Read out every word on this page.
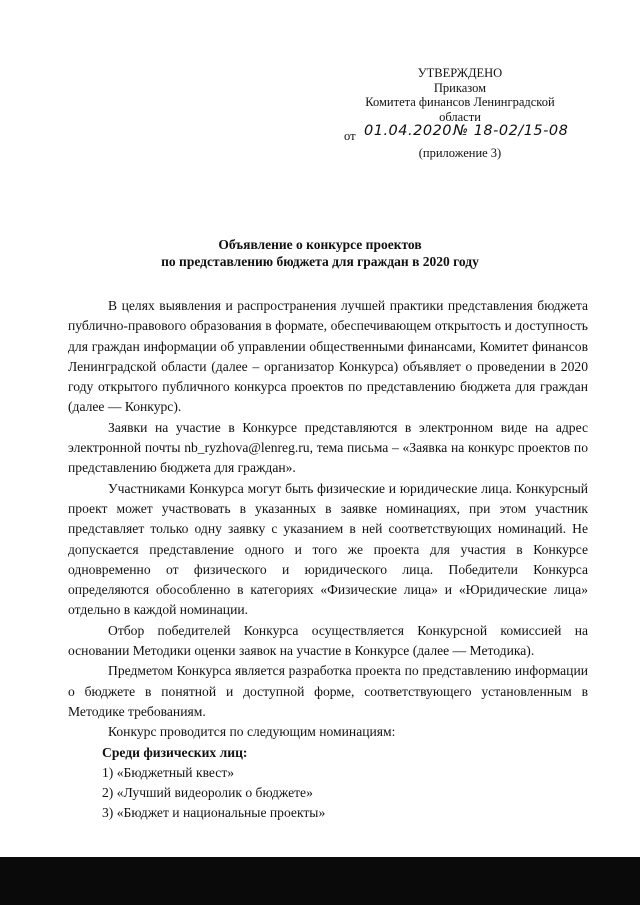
УТВЕРЖДЕНО
Приказом
Комитета финансов Ленинградской
области
от 01.04.2020 № 18-02/15-08
(приложение 3)
Объявление о конкурсе проектов
по представлению бюджета для граждан в 2020 году

В целях выявления и распространения лучшей практики представления бюджета публично-правового образования в формате, обеспечивающем открытость и доступность для граждан информации об управлении общественными финансами, Комитет финансов Ленинградской области (далее – организатор Конкурса) объявляет о проведении в 2020 году открытого публичного конкурса проектов по представлению бюджета для граждан (далее — Конкурс).

Заявки на участие в Конкурсе представляются в электронном виде на адрес электронной почты nb_ryzhova@lenreg.ru, тема письма – «Заявка на конкурс проектов по представлению бюджета для граждан».

Участниками Конкурса могут быть физические и юридические лица. Конкурсный проект может участвовать в указанных в заявке номинациях, при этом участник представляет только одну заявку с указанием в ней соответствующих номинаций. Не допускается представление одного и того же проекта для участия в Конкурсе одновременно от физического и юридического лица. Победители Конкурса определяются обособленно в категориях «Физические лица» и «Юридические лица» отдельно в каждой номинации.

Отбор победителей Конкурса осуществляется Конкурсной комиссией на основании Методики оценки заявок на участие в Конкурсе (далее — Методика).

Предметом Конкурса является разработка проекта по представлению информации о бюджете в понятной и доступной форме, соответствующего установленным в Методике требованиям.

Конкурс проводится по следующим номинациям:

Среди физических лиц:

1) «Бюджетный квест»

2) «Лучший видеоролик о бюджете»

3) «Бюджет и национальные проекты»
